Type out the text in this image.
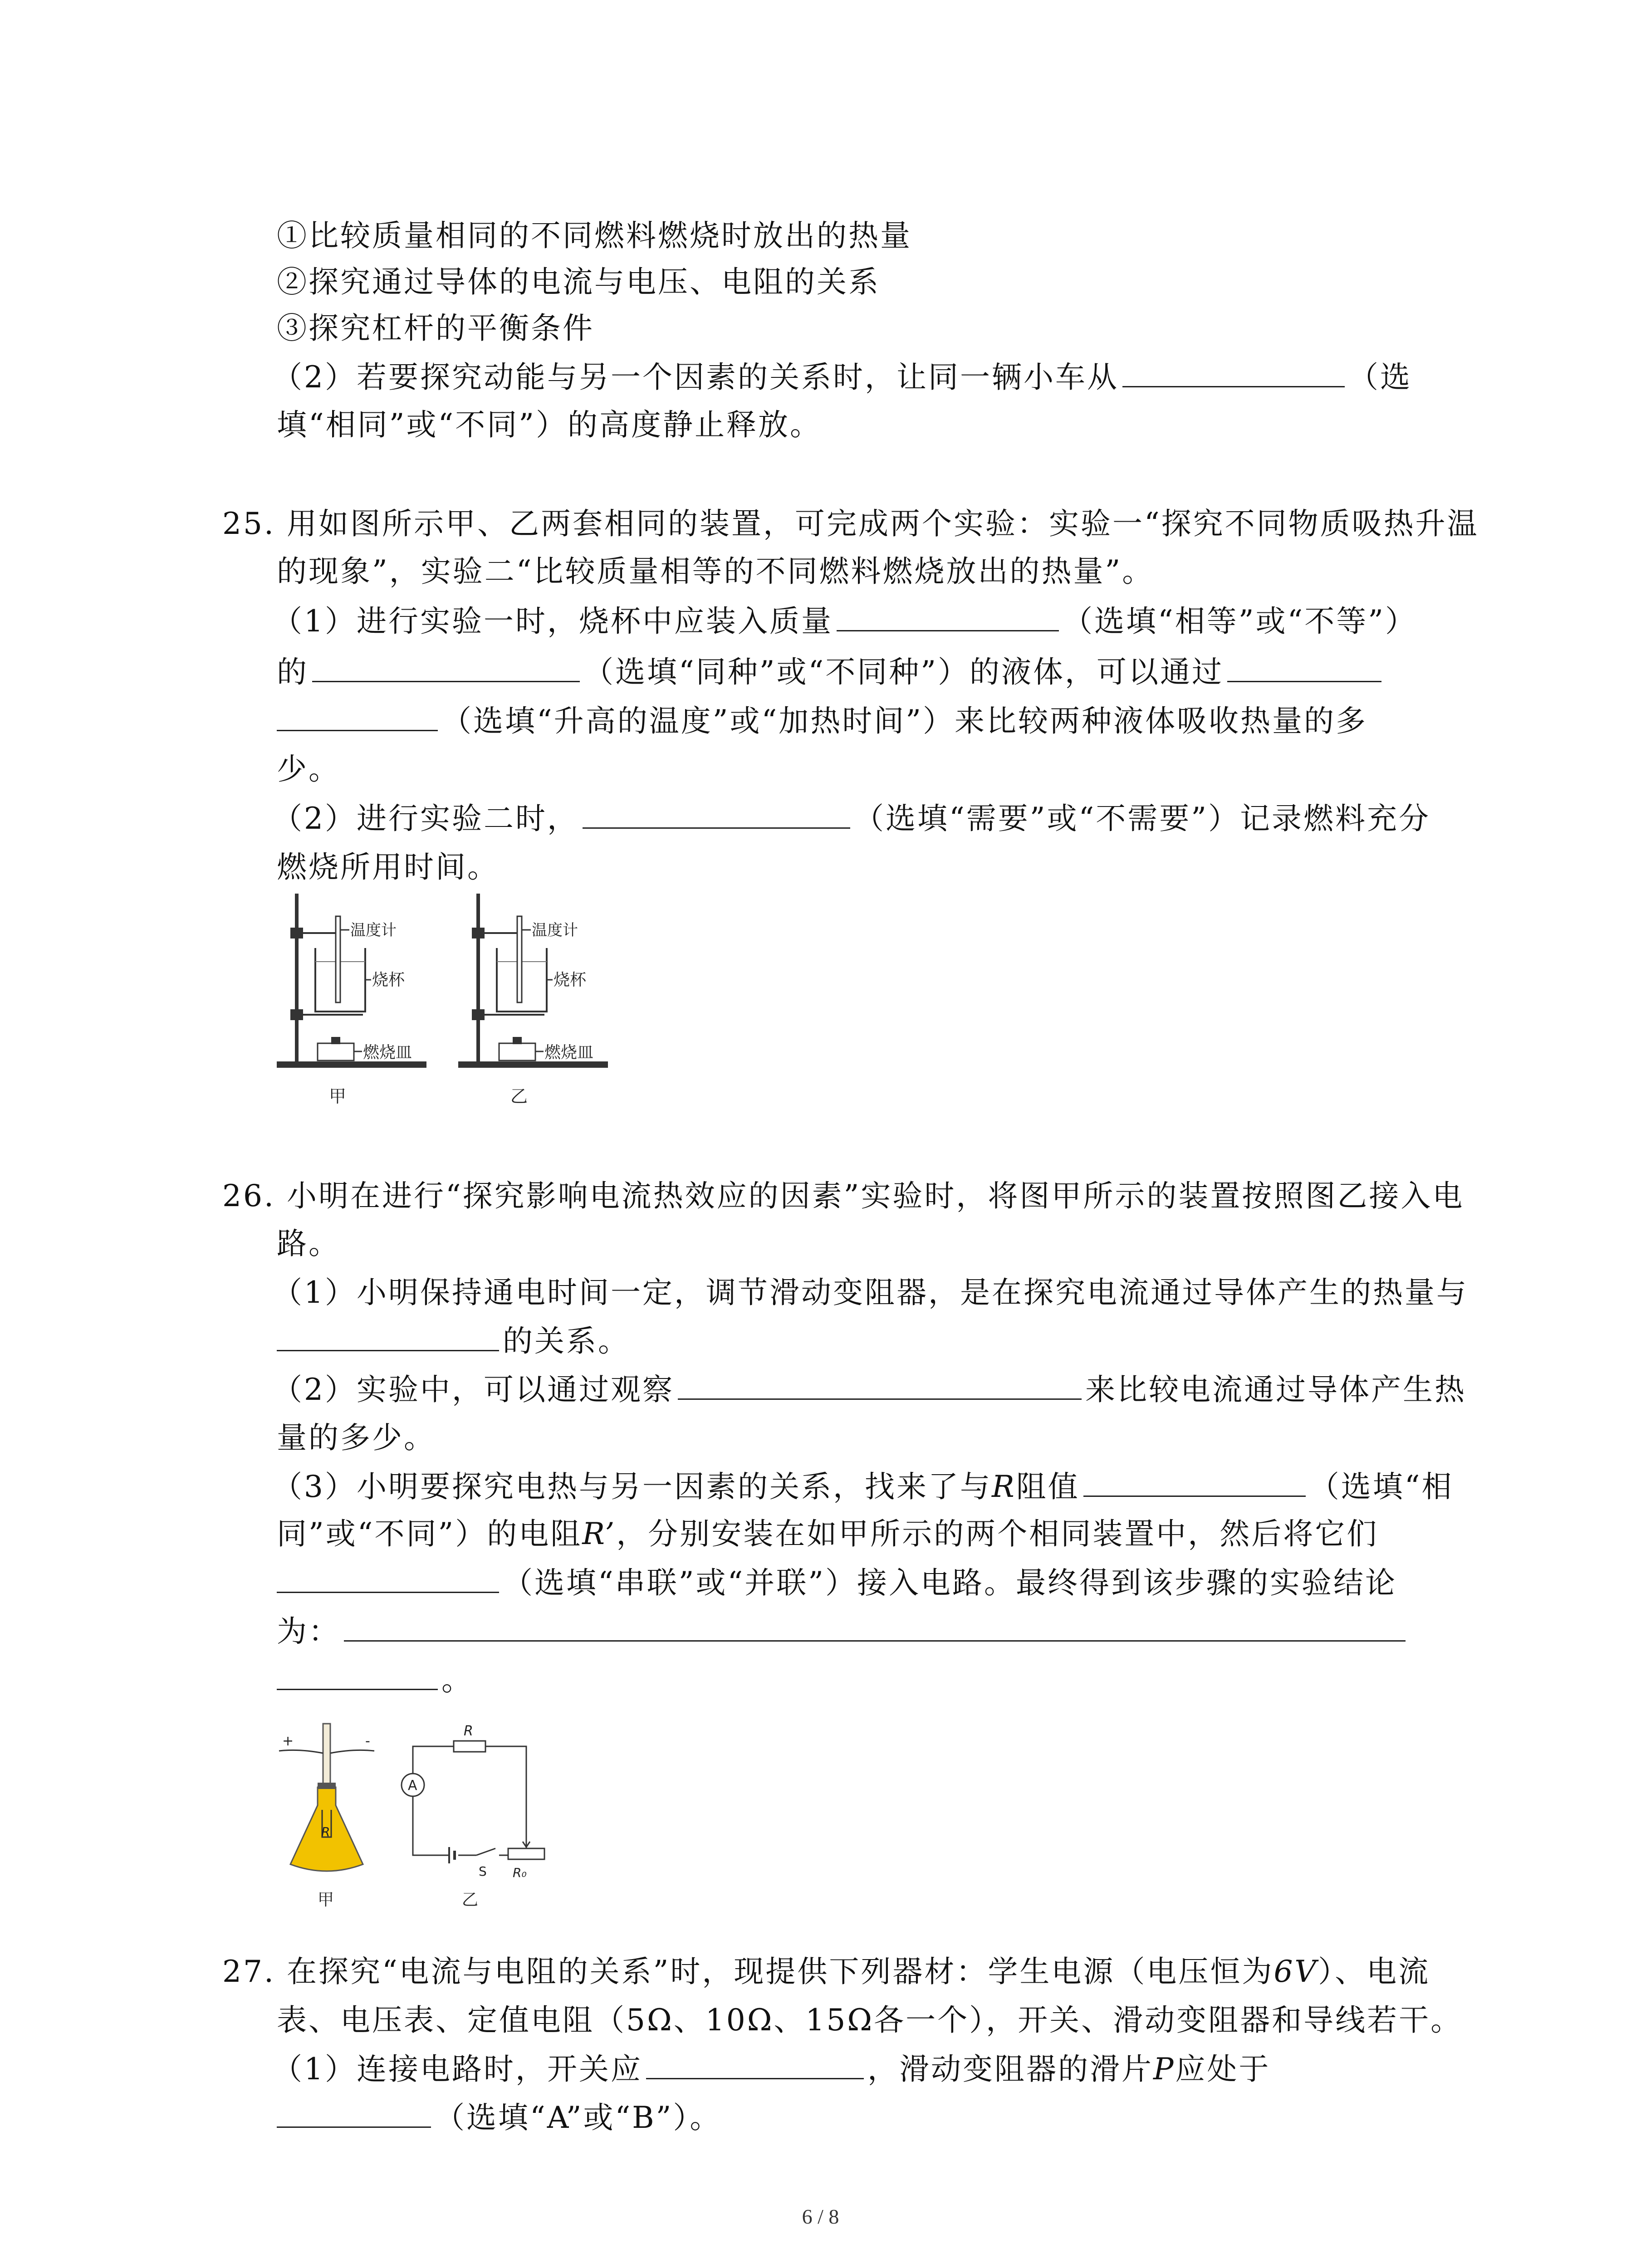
①比较质量相同的不同燃料燃烧时放出的热量
②探究通过导体的电流与电压、电阻的关系
③探究杠杆的平衡条件
（2）若要探究动能与另一个因素的关系时，让同一辆小车从	（选
填“相同”或“不同”）的高度静止释放。
25. 用如图所示甲、乙两套相同的装置，可完成两个实验：实验一“探究不同物质吸热升温
的现象”，实验二“比较质量相等的不同燃料燃烧放出的热量”。
（1）进行实验一时，烧杯中应装入质量	（选填“相等”或“不等”）
的	（选填“同种”或“不同种”）的液体，可以通过
（选填“升高的温度”或“加热时间”）来比较两种液体吸收热量的多
少。
（2）进行实验二时，	（选填“需要”或“不需要”）记录燃料充分
燃烧所用时间。
温度计
烧杯
燃烧皿
甲
温度计
烧杯
燃烧皿
乙
26. 小明在进行“探究影响电流热效应的因素”实验时，将图甲所示的装置按照图乙接入电
路。
（1）小明保持通电时间一定，调节滑动变阻器，是在探究电流通过导体产生的热量与
的关系。
（2）实验中，可以通过观察	来比较电流通过导体产生热
量的多少。
（3）小明要探究电热与另一因素的关系，找来了与R阻值	（选填“相
同”或“不同”）的电阻R’，分别安装在如甲所示的两个相同装置中，然后将它们
（选填“串联”或“并联”）接入电路。最终得到该步骤的实验结论
为：
。
+	-
R
甲
R
A
S R₀
乙
27. 在探究“电流与电阻的关系”时，现提供下列器材：学生电源（电压恒为6V）、电流
表、电压表、定值电阻（5Ω、10Ω、15Ω各一个），开关、滑动变阻器和导线若干。
（1）连接电路时，开关应	，滑动变阻器的滑片P应处于
（选填“A”或“B”）。
6 / 8
